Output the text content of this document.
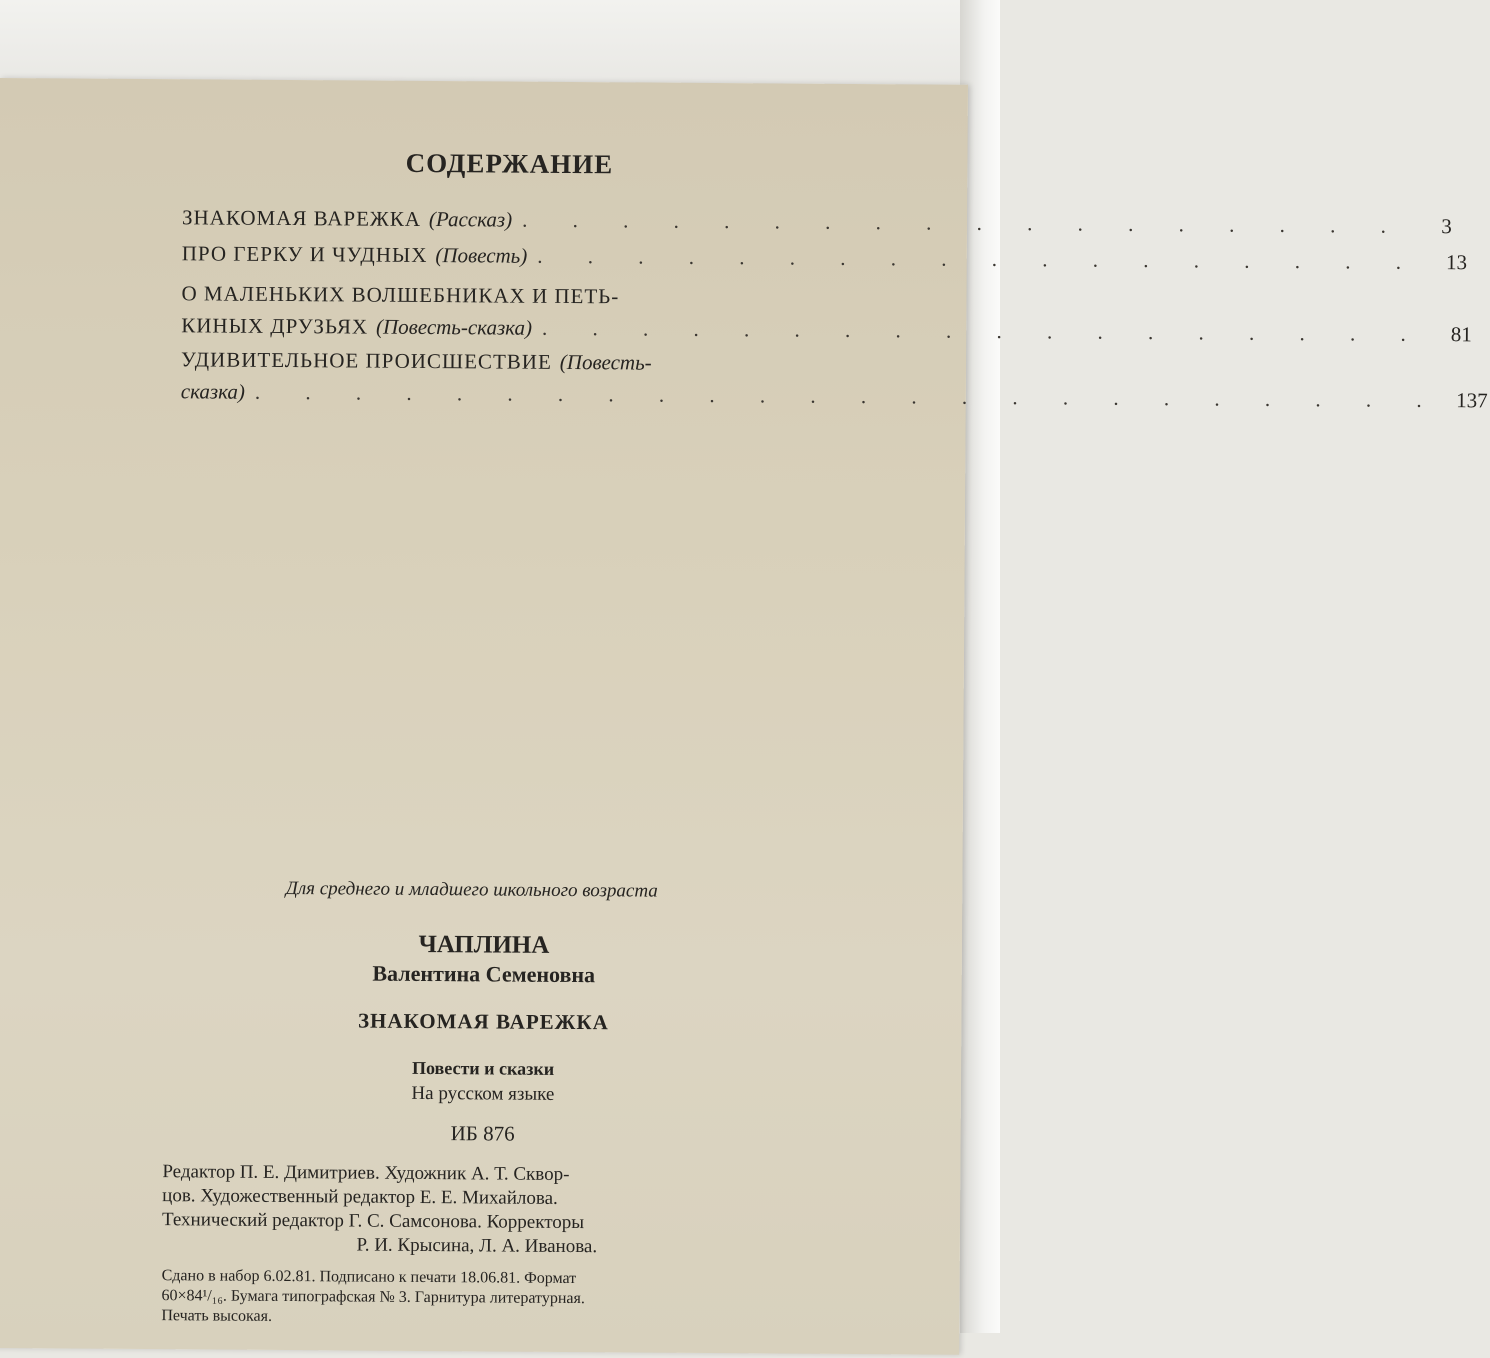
СОДЕРЖАНИЕ
ЗНАКОМАЯ ВАРЕЖКА (Рассказ) . . . . . . . . . . . . . . . . . .	3
ПРО ГЕРКУ И ЧУДНЫХ (Повесть) . . . . . . . . . . . . . . . . . .	13
О МАЛЕНЬКИХ ВОЛШЕБНИКАХ И ПЕТЬ-
КИНЫХ ДРУЗЬЯХ (Повесть-сказка) . . . . . . . . . . . . . . . . . .	81
УДИВИТЕЛЬНОЕ ПРОИСШЕСТВИЕ (Повесть-
сказка) . . . . . . . . . . . . . . . . . . . . . . . . 137
Для среднего и младшего школьного возраста
ЧАПЛИНА
Валентина Семеновна
ЗНАКОМАЯ ВАРЕЖКА
Повести и сказки
На русском языке
ИБ 876
Редактор П. Е. Димитриев. Художник А. Т. Сквор-
цов. Художественный редактор Е. Е. Михайлова.
Технический редактор Г. С. Самсонова. Корректоры
Р. И. Крысина, Л. А. Иванова.
Сдано в набор 6.02.81. Подписано к печати 18.06.81. Формат
60×84¹/₁₆. Бумага типографская № 3. Гарнитура литературная.
Печать высокая.
